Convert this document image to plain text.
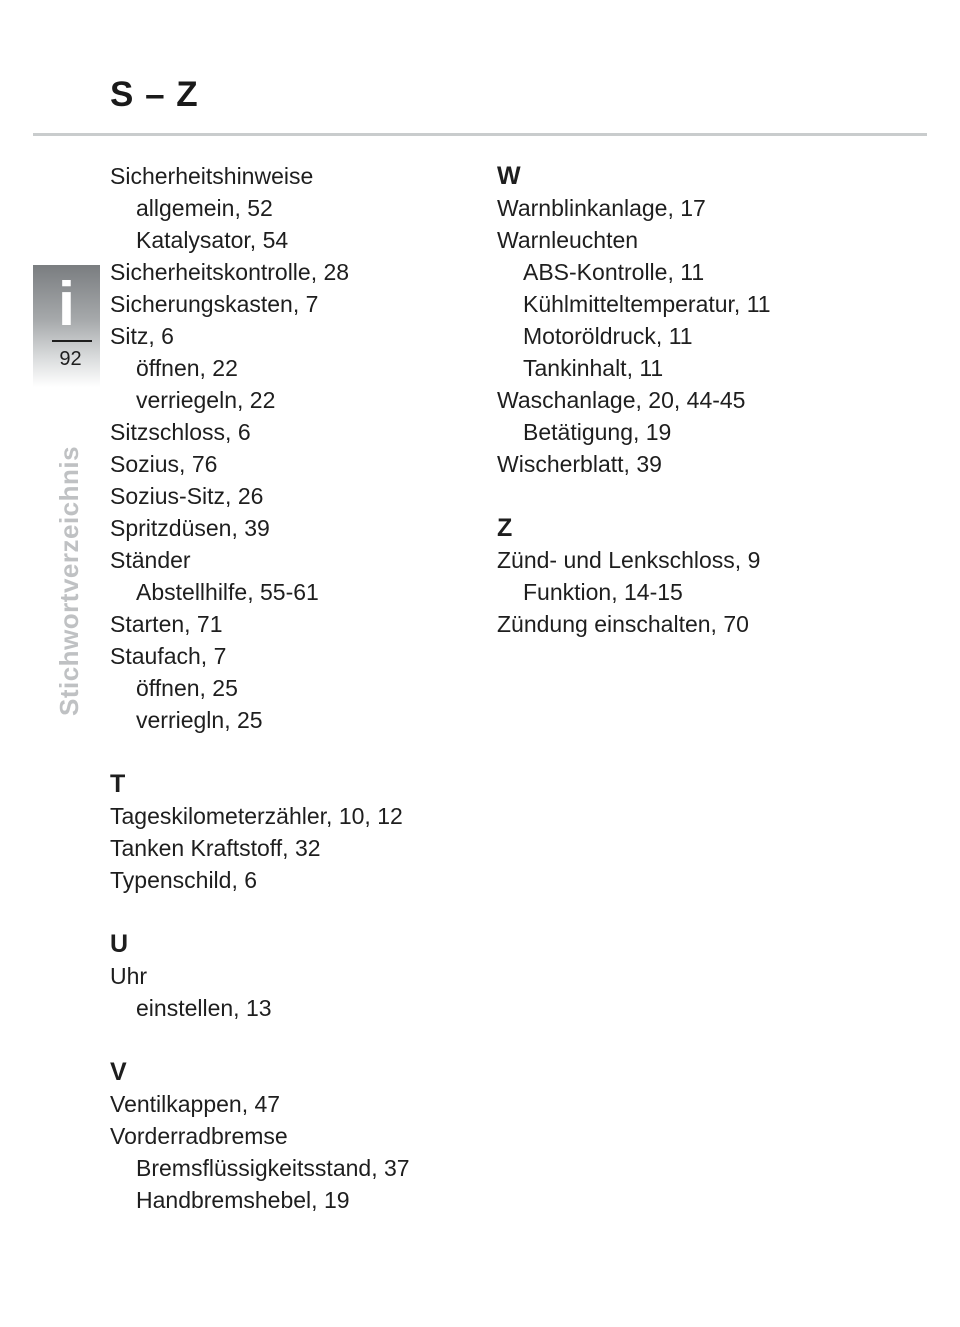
S – Z
i
92
Stichwortverzeichnis
Sicherheitshinweise
allgemein, 52
Katalysator, 54
Sicherheitskontrolle, 28
Sicherungskasten, 7
Sitz, 6
öffnen, 22
verriegeln, 22
Sitzschloss, 6
Sozius, 76
Sozius-Sitz, 26
Spritzdüsen, 39
Ständer
Abstellhilfe, 55-61
Starten, 71
Staufach, 7
öffnen, 25
verriegln, 25
T
Tageskilometerzähler, 10, 12
Tanken Kraftstoff, 32
Typenschild, 6
U
Uhr
einstellen, 13
V
Ventilkappen, 47
Vorderradbremse
Bremsflüssigkeitsstand, 37
Handbremshebel, 19
W
Warnblinkanlage, 17
Warnleuchten
ABS-Kontrolle, 11
Kühlmitteltemperatur, 11
Motoröldruck, 11
Tankinhalt, 11
Waschanlage, 20, 44-45
Betätigung, 19
Wischerblatt, 39
Z
Zünd- und Lenkschloss, 9
Funktion, 14-15
Zündung einschalten, 70
